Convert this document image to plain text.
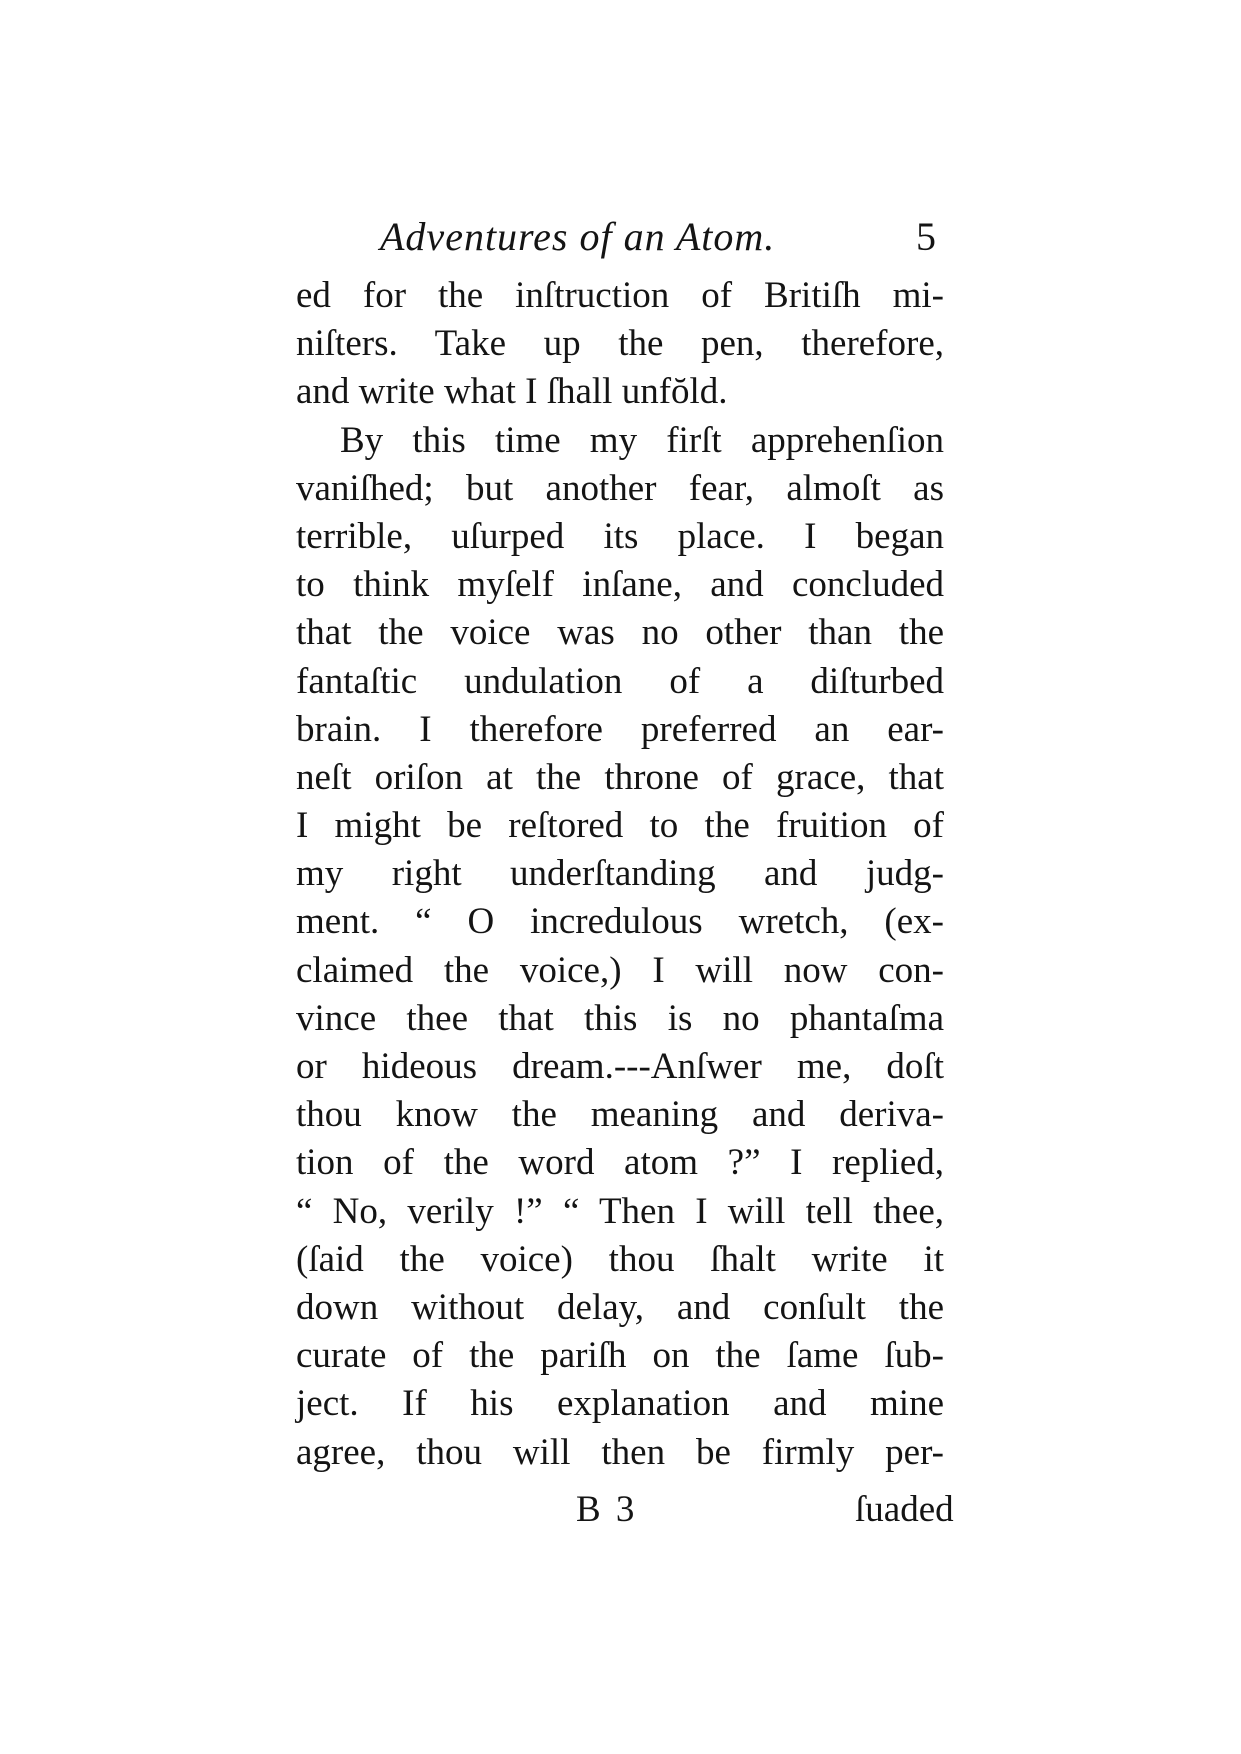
Adventures of an Atom.	5
ed for the inſtruction of Britiſh mi-
niſters. Take up the pen, therefore,
and write what I ſhall unfŏld.
By this time my firſt apprehenſion
vaniſhed; but another fear, almoſt as
terrible, uſurped its place. I began
to think myſelf inſane, and concluded
that the voice was no other than the
fantaſtic undulation of a diſturbed
brain. I therefore preferred an ear-
neſt oriſon at the throne of grace, that
I might be reſtored to the fruition of
my right underſtanding and judg-
ment. “ O incredulous wretch, (ex-
claimed the voice,) I will now con-
vince thee that this is no phantaſma
or hideous dream.---Anſwer me, doſt
thou know the meaning and deriva-
tion of the word atom ?” I replied,
“ No, verily !” “ Then I will tell thee,
(ſaid the voice) thou ſhalt write it
down without delay, and conſult the
curate of the pariſh on the ſame ſub-
ject. If his explanation and mine
agree, thou will then be firmly per-
B 3	ſuaded
